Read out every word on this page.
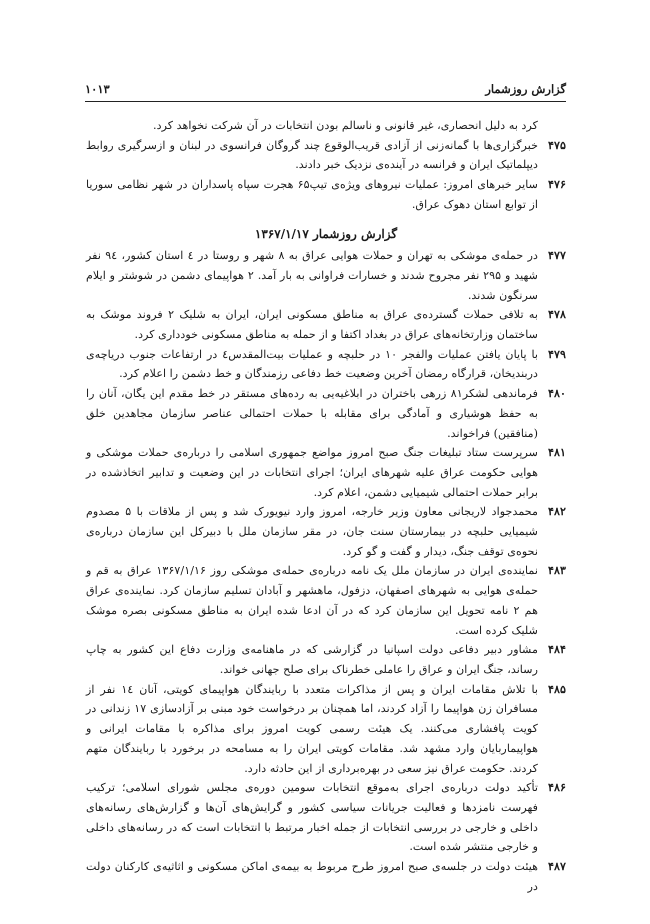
گزارش روزشمار
۱۰۱۳
کرد به دلیل انحصاری، غیر قانونی و ناسالم بودن انتخابات در آن شرکت نخواهد کرد.
۴۷۵
خبرگزاری‌ها با گمانه‌زنی از آزادی قریب‌الوقوع چند گروگان فرانسوی در لبنان و ازسرگیری روابط دیپلماتیک ایران و فرانسه در آینده‌ی نزدیک خبر دادند.
۴۷۶
سایر خبرهای امروز: عملیات نیروهای ویژه‌ی تیپ۶۵ هجرت سپاه پاسداران در شهر نظامی سوریا از توابع استان دهوک عراق.
گزارش روزشمار ۱۳۶۷/۱/۱۷
۴۷۷
در حمله‌ی موشکی به تهران و حملات هوایی عراق به ۸ شهر و روستا در ٤ استان کشور، ۹٤ نفر شهید و ۲۹۵ نفر مجروح شدند و خسارات فراوانی به بار آمد. ۲ هواپیمای دشمن در شوشتر و ایلام سرنگون شدند.
۴۷۸
به تلافی حملات گسترده‌ی عراق به مناطق مسکونی ایران، ایران به شلیک ۲ فروند موشک به ساختمان وزارتخانه‌های عراق در بغداد اکتفا و از حمله به مناطق مسکونی خودداری کرد.
۴۷۹
با پایان یافتن عملیات والفجر ۱۰ در حلبچه و عملیات بیت‌المقدس٤ در ارتفاعات جنوب دریاچه‌ی دربندیخان، قرارگاه رمضان آخرین وضعیت خط دفاعی رزمندگان و خط دشمن را اعلام کرد.
۴۸۰
فرماندهی لشکر۸۱ زرهی باختران در ابلاغیه‌یی به رده‌های مستقر در خط مقدم این یگان، آنان را به حفظ هوشیاری و آمادگی برای مقابله با حملات احتمالی عناصر سازمان مجاهدین خلق (منافقین) فراخواند.
۴۸۱
سرپرست ستاد تبلیغات جنگ صبح امروز مواضع جمهوری اسلامی را درباره‌ی حملات موشکی و هوایی حکومت عراق علیه شهرهای ایران؛ اجرای انتخابات در این وضعیت و تدابیر اتخاذشده در برابر حملات احتمالی شیمیایی دشمن، اعلام کرد.
۴۸۲
محمدجواد لاریجانی معاون وزیر خارجه، امروز وارد نیویورک شد و پس از ملاقات با ۵ مصدوم شیمیایی حلبچه در بیمارستان سنت جان، در مقر سازمان ملل با دبیرکل این سازمان درباره‌ی نحوه‌ی توقف جنگ، دیدار و گفت و گو کرد.
۴۸۳
نماینده‌ی ایران در سازمان ملل یک نامه درباره‌ی حمله‌ی موشکی روز ۱۳۶۷/۱/۱۶ عراق به قم و حمله‌ی هوایی به شهرهای اصفهان، دزفول، ماهشهر و آبادان تسلیم سازمان کرد. نماینده‌ی عراق هم ۲ نامه تحویل این سازمان کرد که در آن ادعا شده ایران به مناطق مسکونی بصره موشک شلیک کرده است.
۴۸۴
مشاور دبیر دفاعی دولت اسپانیا در گزارشی که در ماهنامه‌ی وزارت دفاع این کشور به چاپ رساند، جنگ ایران و عراق را عاملی خطرناک برای صلح جهانی خواند.
۴۸۵
با تلاش مقامات ایران و پس از مذاکرات متعدد با ربایندگان هواپیمای کویتی، آنان ۱٤ نفر از مسافران زن هواپیما را آزاد کردند، اما همچنان بر درخواست خود مبنی بر آزادسازی ۱۷ زندانی در کویت پافشاری می‌کنند. یک هیئت رسمی کویت امروز برای مذاکره با مقامات ایرانی و هواپیماربایان وارد مشهد شد. مقامات کویتی ایران را به مسامحه در برخورد با ربایندگان متهم کردند. حکومت عراق نیز سعی در بهره‌برداری از این حادثه دارد.
۴۸۶
تأکید دولت درباره‌ی اجرای به‌موقع انتخابات سومین دوره‌ی مجلس شورای اسلامی؛ ترکیب فهرست نامزدها و فعالیت جریانات سیاسی کشور و گرایش‌های آن‌ها و گزارش‌های رسانه‌های داخلی و خارجی در بررسی انتخابات از جمله اخبار مرتبط با انتخابات است که در رسانه‌های داخلی و خارجی منتشر شده است.
۴۸۷
هیئت دولت در جلسه‌ی صبح امروز طرح مربوط به بیمه‌ی اماکن مسکونی و اثاثیه‌ی کارکنان دولت در
